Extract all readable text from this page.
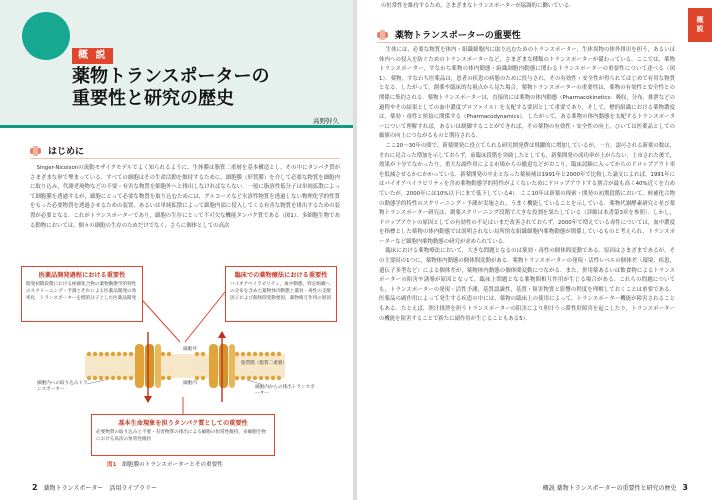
概 説
薬物トランスポーターの
重要性と研究の歴史
高野幹久
はじめに

Singer-Nicolsonの流動モザイクモデルでよく知られるように，生体膜は脂質二重層を基本構造とし，その中にタンパク質がさまざまな形で埋まっている．すべての細胞はその生命活動を維持するために，細胞膜（形質膜）を介して必要な物質を細胞内に取り込み，代謝老廃物などの不要・有害な物質を細胞外へと排出しなければならない．一般に脂溶性低分子は単純拡散によって細胞膜を透過するが，細胞にとって必要な物質を取り込むためには，グルコースなど水溶性物質を透過しない物理化学的性質をもった必要物質を透過させるための装置，あるいは単純拡散によって細胞内部に侵入してくる有害な物質を排出するための装置が必要となる．これがトランスポーターであり，細胞の生存にとって不可欠な機能タンパク質である（図1）．多細胞生物である動物においては，個々の細胞の生存のためだけでなく，さらに個体としての高次

医薬品開発過程における重要性
開発初期段階における候補化合物の薬物動態学的特性のスクリーニング・予測とそれによる医薬品開発の効率化．トランスポーターを標的分子とした医薬品開発
臨床での薬物療法における重要性
バイオアベイラビリティ，血中動態，特定組織への分布を含めた薬物体内動態と薬効・毒性の支配因子および個体間変動要因，薬物相互作用の原因
基本生命現象を担うタンパク質としての重要性
必要物質の取り込みと不要・有害物質の排出による細胞の恒常性維持，多細胞生物における高次の恒常性維持
細胞外
細胞内
脂質膜（脂質二重層）
細胞内への取り込みトランスポーター	細胞内からの排出トランスポーター
図1 細胞膜のトランスポーターとその重要性
2 薬物トランスポーター　活用ライブラリー
の恒常性を維持するため，さまざまなトランスポーターが協調的に働いている．
概説
薬物トランスポーターの重要性

生体には，必要な物質を体内・組織細胞内に取り込むためのトランスポーター，生体異物の体外排出を担う，あるいは体内への侵入を防ぐためのトランスポーターなど，さまざまな種類のトランスポーターが備わっている．ここでは，薬物トランスポーター，すなわち薬物の体内動態・組織細胞内動態に関わるトランスポーターの重要性について述べる（図1）．薬物，すなわち医薬品は，患者の疾患の病態のために投与され，その有効性・安全性が得られてはじめて有用な物質となる．したがって，創薬や臨床的な視点から見た場合，薬物トランスポーターの重要性は，薬物の有効性と安全性との関係に集約される．薬物トランスポーターは，直接的には薬物の体内動態（Pharmacokinetics：吸収，分布，排泄などの過程やその結果としての血中濃度プロファイル）を支配する要因として重要であり，そして，標的組織における薬物濃度は，薬効・毒性と密接に関係する（Pharmacodynamics）．したがって，ある薬物の体内動態を支配するトランスポーターについて理解すれば，あるいは制御することができれば，その薬物の有効性・安全性の向上，ひいては医薬品としての価値の向上につながるものと期待される．

ここ20～30年の間で，新薬開発に役立てられる研究開発費は飛躍的に増加しているが，一方，認可される新薬の数は，それに見合った増加を示しておらず，前臨床段階を突破したとしても，新薬開発の成功率が上がらない．上市された後で，効果が十分でなかったり，重大な副作用による市場からの撤退などがおこり，臨床試験に入ってからのドロップアウト率を低減させるかにかかっている．新薬開発の中止となった薬候補は1991年と2000年で比較した論文によれば，1991年にはバイオアベイラビリティを含め薬物動態学的特性がよくないためにドロップアウトする割合が最も高く40%近くを占めていたが，2000年には10%以下にまで低下している4）．ここ10年は新薬の探索・開発の初期段階において，候補化合物の動態学的特性のスクリーニング・予測が実施され，うまく機能していることを示している．薬物代謝酵素研究と並び薬物トランスポーター研究は，創薬スクリーニング段階で大きな役割を果たしている（詳細は本書第3章を参照）．しかし，ドロップアウトの原因としての有効性の不足はいまだ改善されておらず，2000年で増えている毒性については，血中濃度を指標とした薬物の体内動態では説明されない局所的な組織細胞内薬物動態が関係しているものと考えられ，トランスポーターなど細胞内薬物動態の研究が求められている．

臨床における薬物療法において，大きな問題となるのは薬効・毒性の個体間変動である．原因はさまざまであるが，その主要因の1つに，薬物体内動態の個体間変動がある．薬物トランスポーターの発現・活性レベルの個体差（環境，疾患，遺伝子多型など）による個体差が，薬物体内動態の個体間変動につながる．また，併用薬あるいは飲食物によるトランスポーターの阻害や誘導が原因となって，臨床上問題となる薬物間相互作用が生じる場合がある．これらの問題についても，トランスポーターの発現・活性予測，基質認識性，基質・阻害物質と影響の程度を理解しておくことは重要である．医薬品の副作用によって発生する疾患の中には，薬物の臨床上の使用によって，トランスポーター機能が障害されることもある．たとえば，胆汁排泄を担うトランスポーターの阻害により胆汁うっ滞性肝障害を起こしたり，トランスポーターの機能を阻害することで新たに副作用が生じることもある5）．

概説 薬物トランスポーターの重要性と研究の歴史 3
